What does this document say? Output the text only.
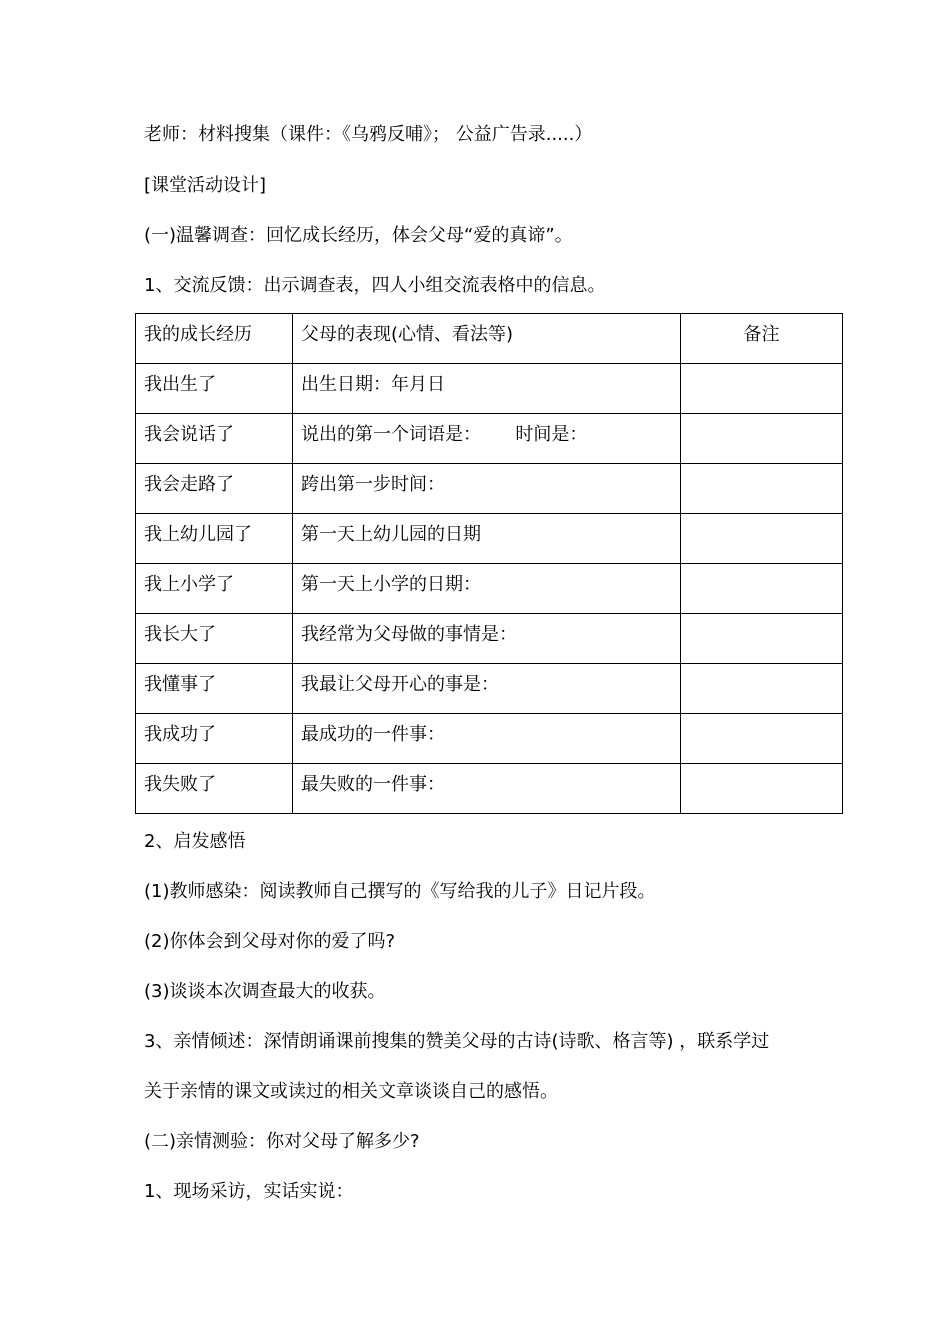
老师：材料搜集（课件：《乌鸦反哺》； 公益广告录.....）
[课堂活动设计]
(一)温馨调查：回忆成长经历，体会父母“爱的真谛”。
1、交流反馈：出示调查表，四人小组交流表格中的信息。
我的成长经历	父母的表现(心情、看法等)	备注
我出生了	出生日期：年月日	
我会说话了	说出的第一个词语是：      时间是：	
我会走路了	跨出第一步时间：	
我上幼儿园了	第一天上幼儿园的日期	
我上小学了	第一天上小学的日期：	
我长大了	我经常为父母做的事情是：	
我懂事了	我最让父母开心的事是：	
我成功了	最成功的一件事：	
我失败了	最失败的一件事：	
2、启发感悟
(1)教师感染：阅读教师自己撰写的《写给我的儿子》日记片段。
(2)你体会到父母对你的爱了吗?
(3)谈谈本次调查最大的收获。
3、亲情倾述：深情朗诵课前搜集的赞美父母的古诗(诗歌、格言等) ，联系学过
关于亲情的课文或读过的相关文章谈谈自己的感悟。
(二)亲情测验：你对父母了解多少?
1、现场采访，实话实说：
